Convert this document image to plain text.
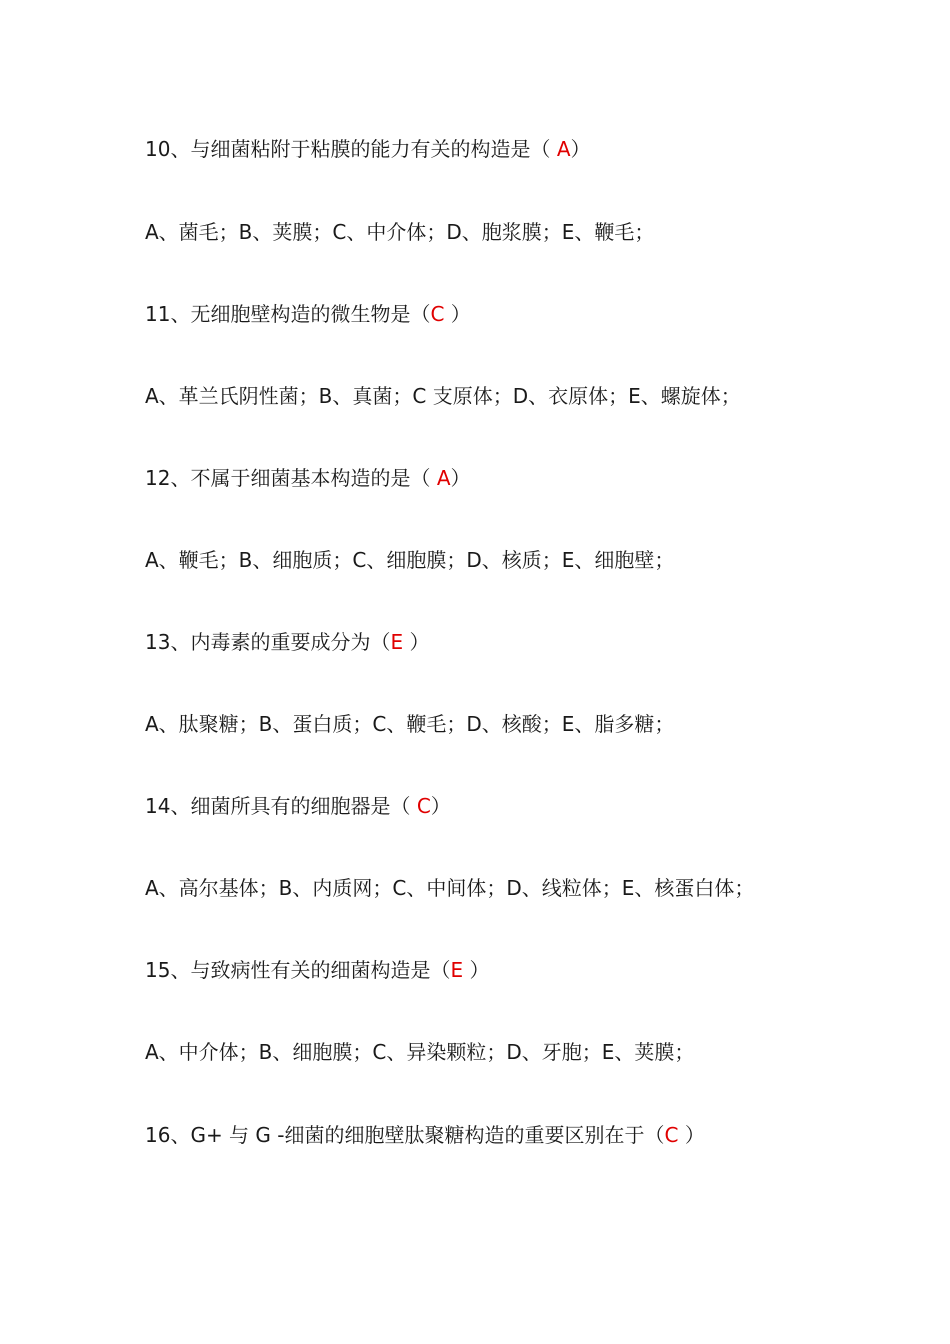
10、与细菌粘附于粘膜的能力有关的构造是（ A）
A、菌毛；B、荚膜；C、中介体；D、胞浆膜；E、鞭毛；
11、无细胞壁构造的微生物是（C ）
A、革兰氏阴性菌；B、真菌；C 支原体；D、衣原体；E、螺旋体；
12、不属于细菌基本构造的是（ A）
A、鞭毛；B、细胞质；C、细胞膜；D、核质；E、细胞壁；
13、内毒素的重要成分为（E ）
A、肽聚糖；B、蛋白质；C、鞭毛；D、核酸；E、脂多糖；
14、细菌所具有的细胞器是（ C）
A、高尔基体；B、内质网；C、中间体；D、线粒体；E、核蛋白体；
15、与致病性有关的细菌构造是（E ）
A、中介体；B、细胞膜；C、异染颗粒；D、牙胞；E、荚膜；
16、G+ 与 G -细菌的细胞壁肽聚糖构造的重要区别在于（C ）
